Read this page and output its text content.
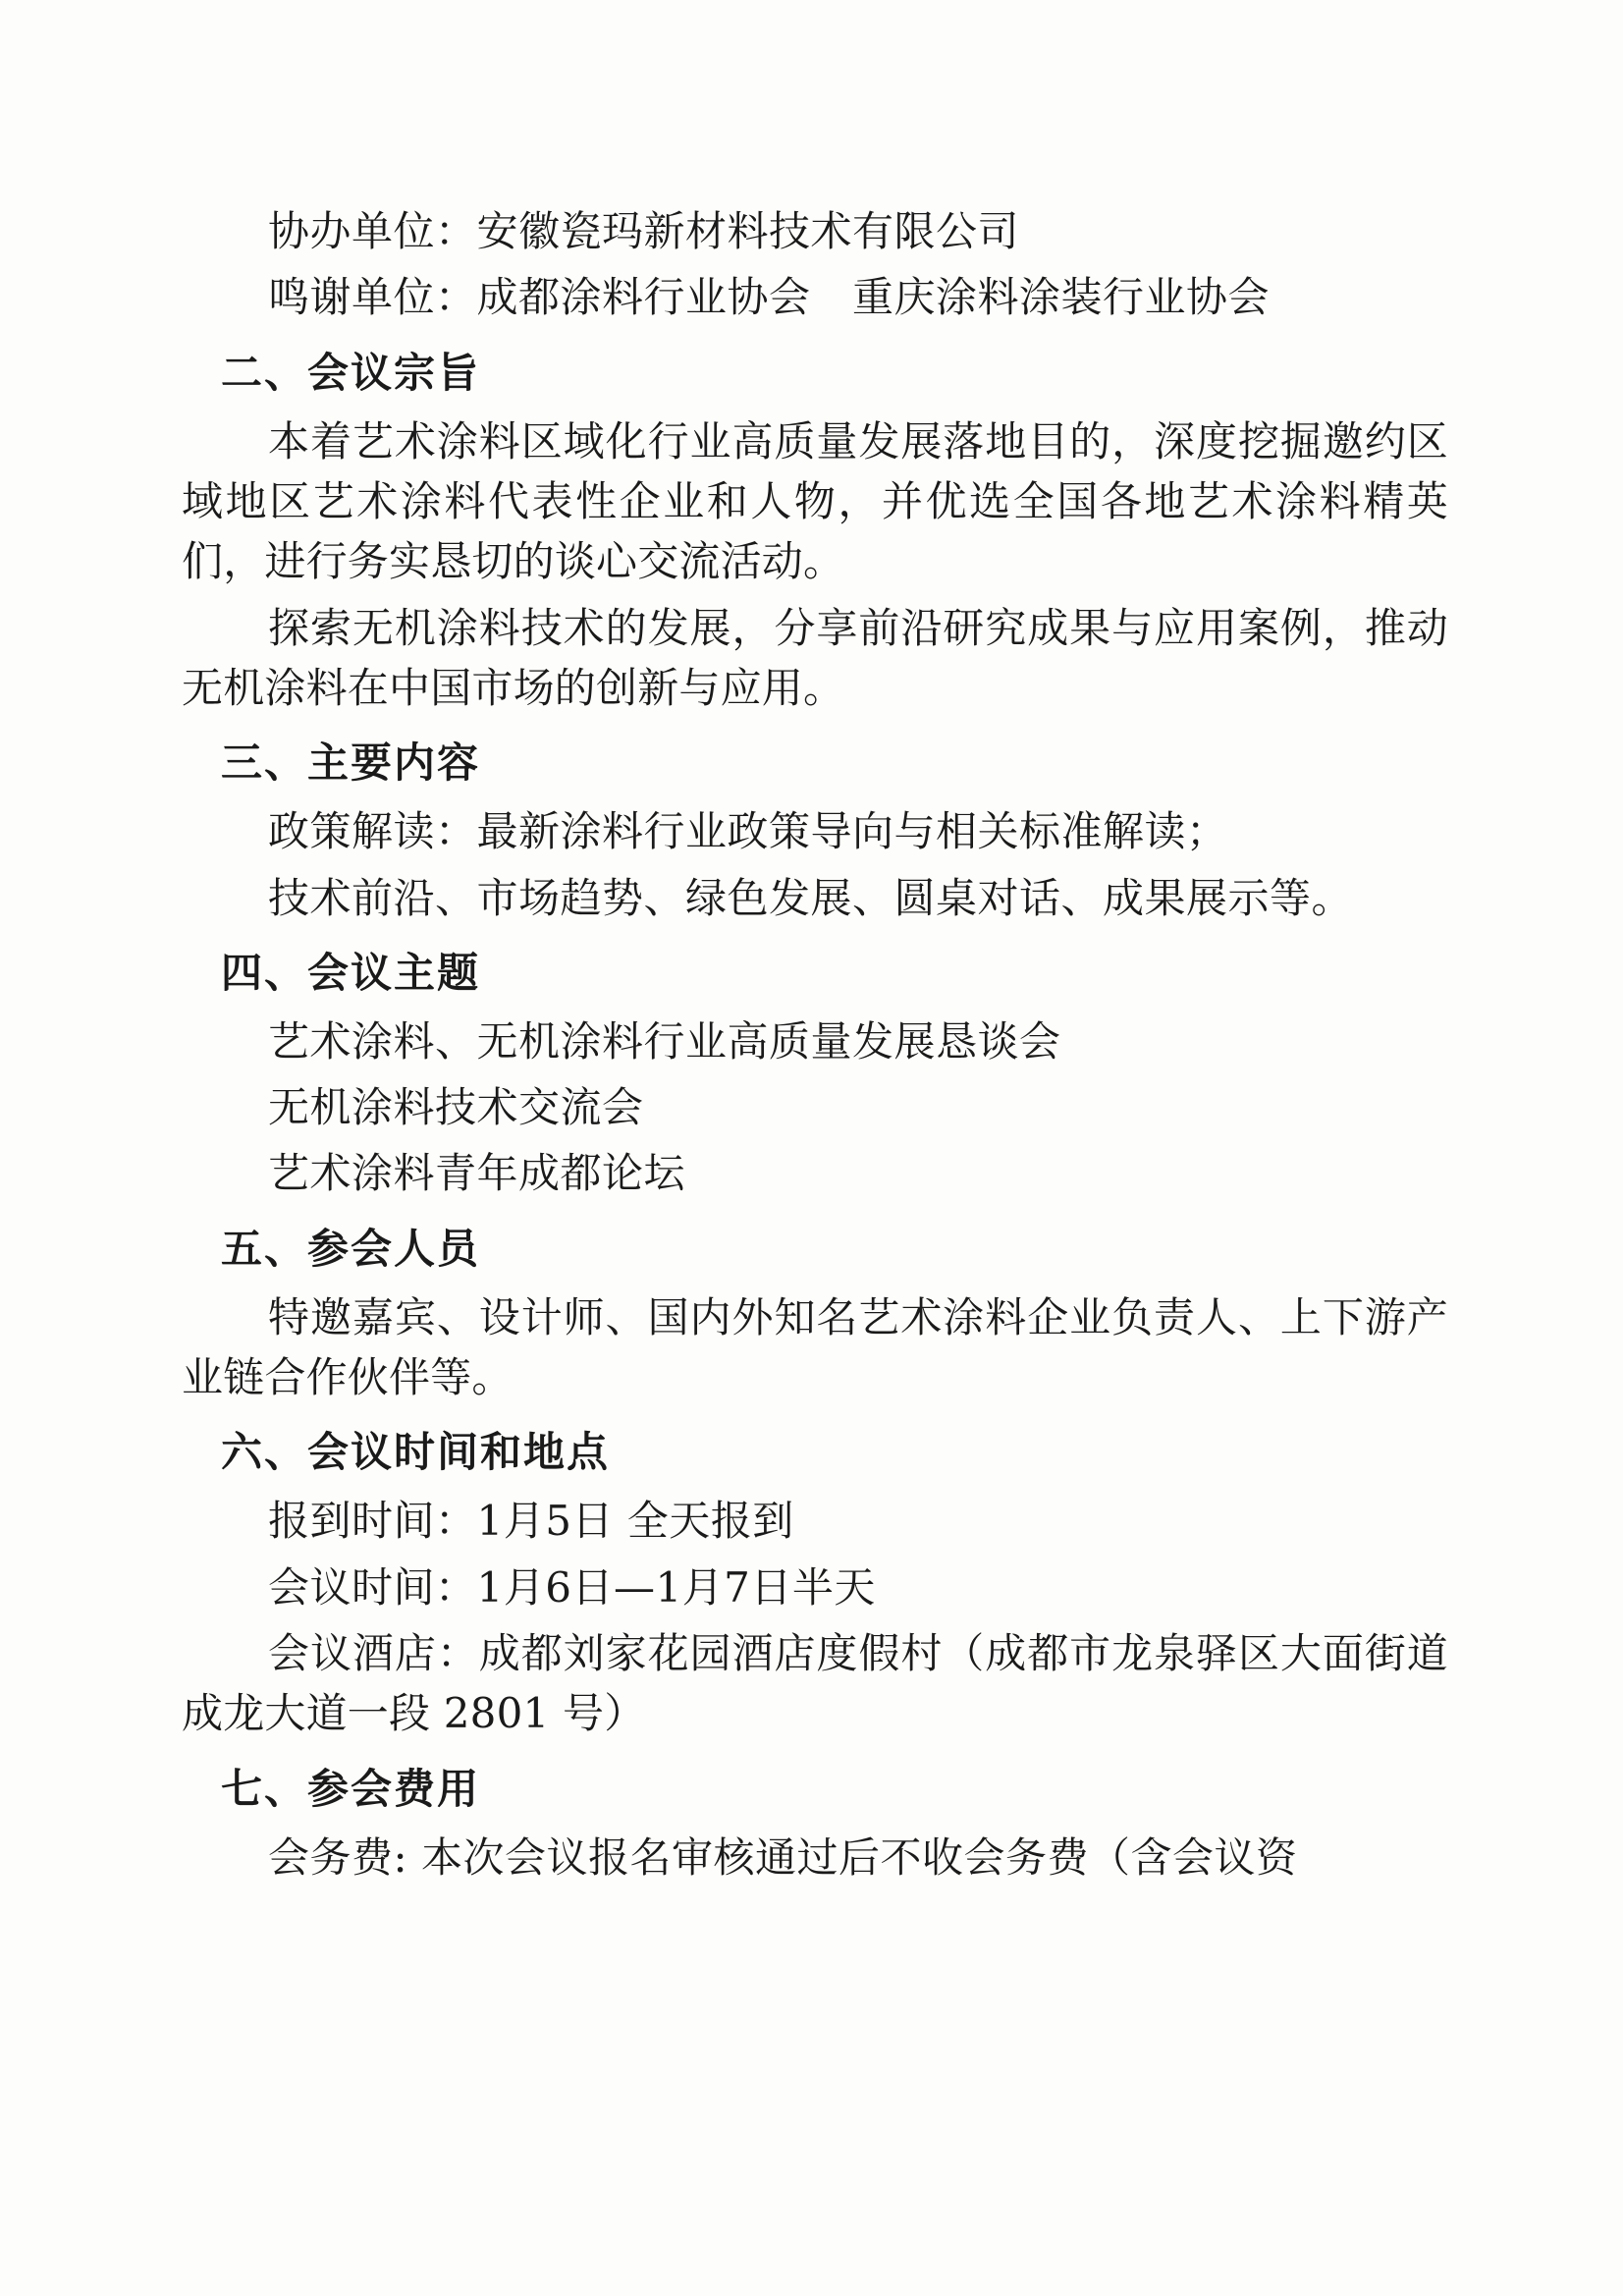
协办单位：安徽瓷玛新材料技术有限公司

鸣谢单位：成都涂料行业协会　重庆涂料涂装行业协会

二、会议宗旨

本着艺术涂料区域化行业高质量发展落地目的，深度挖掘邀约区域地区艺术涂料代表性企业和人物，并优选全国各地艺术涂料精英们，进行务实恳切的谈心交流活动。

探索无机涂料技术的发展，分享前沿研究成果与应用案例，推动无机涂料在中国市场的创新与应用。

三、主要内容

政策解读：最新涂料行业政策导向与相关标准解读；

技术前沿、市场趋势、绿色发展、圆桌对话、成果展示等。

四、会议主题

艺术涂料、无机涂料行业高质量发展恳谈会

无机涂料技术交流会

艺术涂料青年成都论坛

五、参会人员

特邀嘉宾、设计师、国内外知名艺术涂料企业负责人、上下游产业链合作伙伴等。

六、会议时间和地点

报到时间：1月5日 全天报到

会议时间：1月6日—1月7日半天

会议酒店：成都刘家花园酒店度假村（成都市龙泉驿区大面街道成龙大道一段 2801 号）

七、参会费用

会务费: 本次会议报名审核通过后不收会务费（含会议资
